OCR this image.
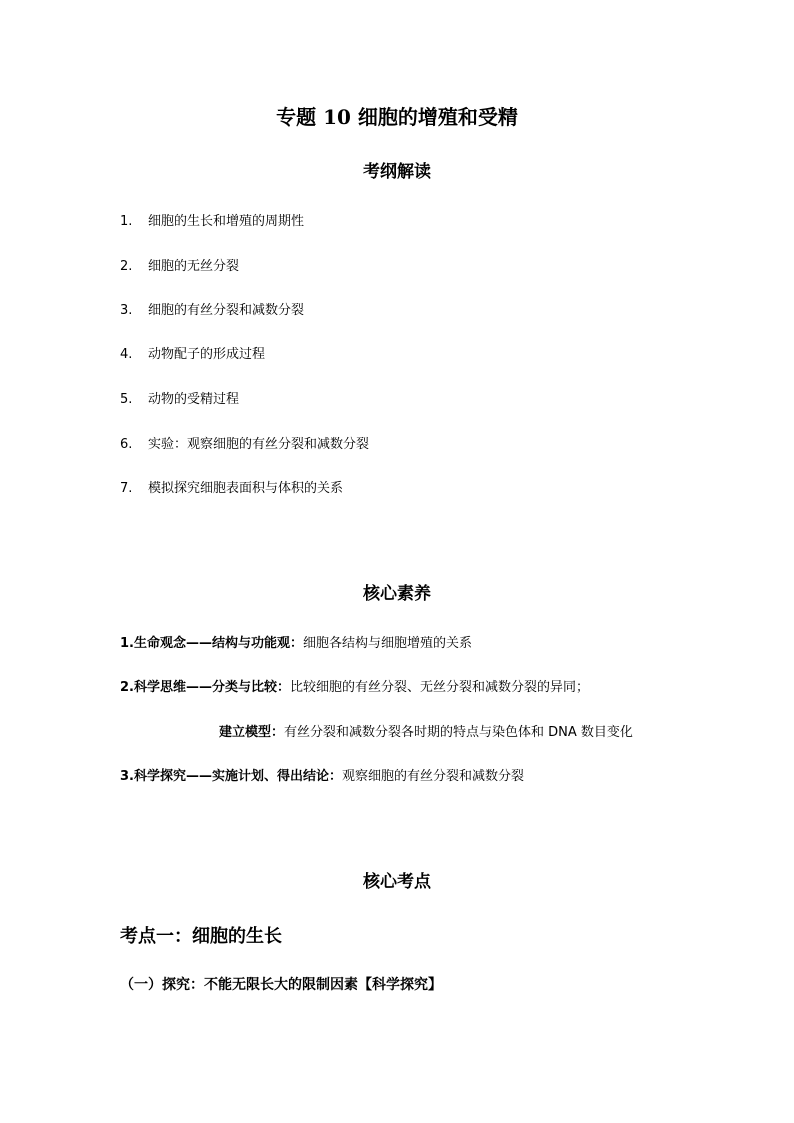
专题 10 细胞的增殖和受精
考纲解读
1. 细胞的生长和增殖的周期性
2. 细胞的无丝分裂
3. 细胞的有丝分裂和减数分裂
4. 动物配子的形成过程
5. 动物的受精过程
6. 实验：观察细胞的有丝分裂和减数分裂
7. 模拟探究细胞表面积与体积的关系
核心素养
1.生命观念——结构与功能观：细胞各结构与细胞增殖的关系
2.科学思维——分类与比较：比较细胞的有丝分裂、无丝分裂和减数分裂的异同；
建立模型：有丝分裂和减数分裂各时期的特点与染色体和 DNA 数目变化
3.科学探究——实施计划、得出结论：观察细胞的有丝分裂和减数分裂
核心考点
考点一：细胞的生长
（一）探究：不能无限长大的限制因素【科学探究】
